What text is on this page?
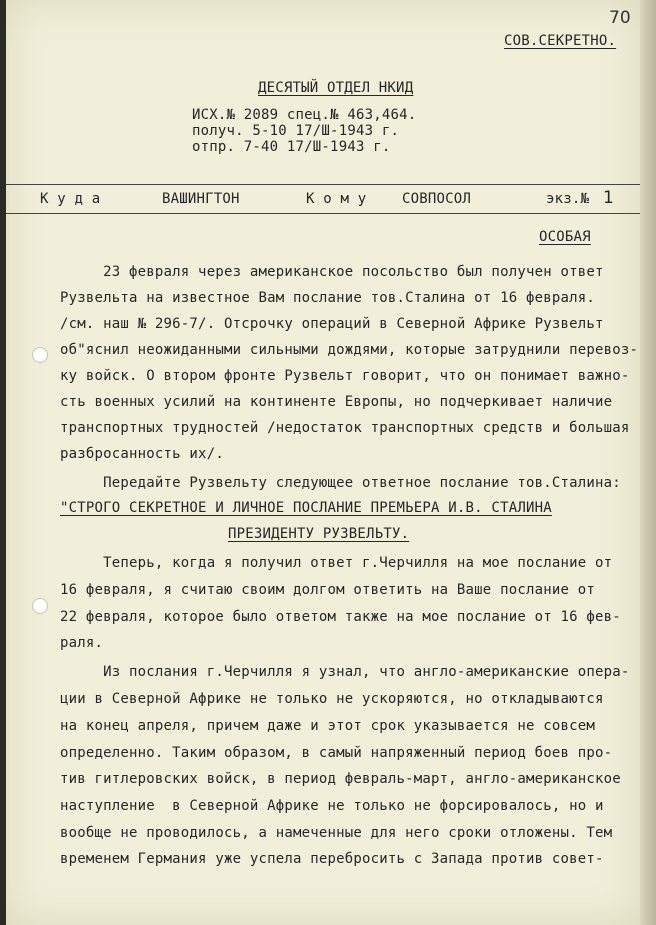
70
СОВ.СЕКРЕТНО.
ДЕСЯТЫЙ ОТДЕЛ НКИД
ИСХ.№ 2089 спец.№ 463,464.
получ. 5-10 17/Ш-1943 г.
отпр. 7-40 17/Ш-1943 г.
К у д а	ВАШИНГТОН	К о м у	СОВПОСОЛ	экз.№ 1
ОСОБАЯ
23 февраля через американское посольство был получен ответ
Рузвельта на известное Вам послание тов.Сталина от 16 февраля.
/см. наш № 296-7/. Отсрочку операций в Северной Африке Рузвельт
об"яснил неожиданными сильными дождями, которые затруднили перевоз-
ку войск. О втором фронте Рузвельт говорит, что он понимает важно-
сть военных усилий на континенте Европы, но подчеркивает наличие
транспортных трудностей /недостаток транспортных средств и большая
разбросанность их/.
Передайте Рузвельту следующее ответное послание тов.Сталина:
"СТРОГО СЕКРЕТНОЕ И ЛИЧНОЕ ПОСЛАНИЕ ПРЕМЬЕРА И.В. СТАЛИНА
ПРЕЗИДЕНТУ РУЗВЕЛЬТУ.
Теперь, когда я получил ответ г.Черчилля на мое послание от
16 февраля, я считаю своим долгом ответить на Ваше послание от
22 февраля, которое было ответом также на мое послание от 16 фев-
раля.
Из послания г.Черчилля я узнал, что англо-американские опера-
ции в Северной Африке не только не ускоряются, но откладываются
на конец апреля, причем даже и этот срок указывается не совсем
определенно. Таким образом, в самый напряженный период боев про-
тив гитлеровских войск, в период февраль-март, англо-американское
наступление  в Северной Африке не только не форсировалось, но и
вообще не проводилось, а намеченные для него сроки отложены. Тем
временем Германия уже успела перебросить с Запада против совет-
